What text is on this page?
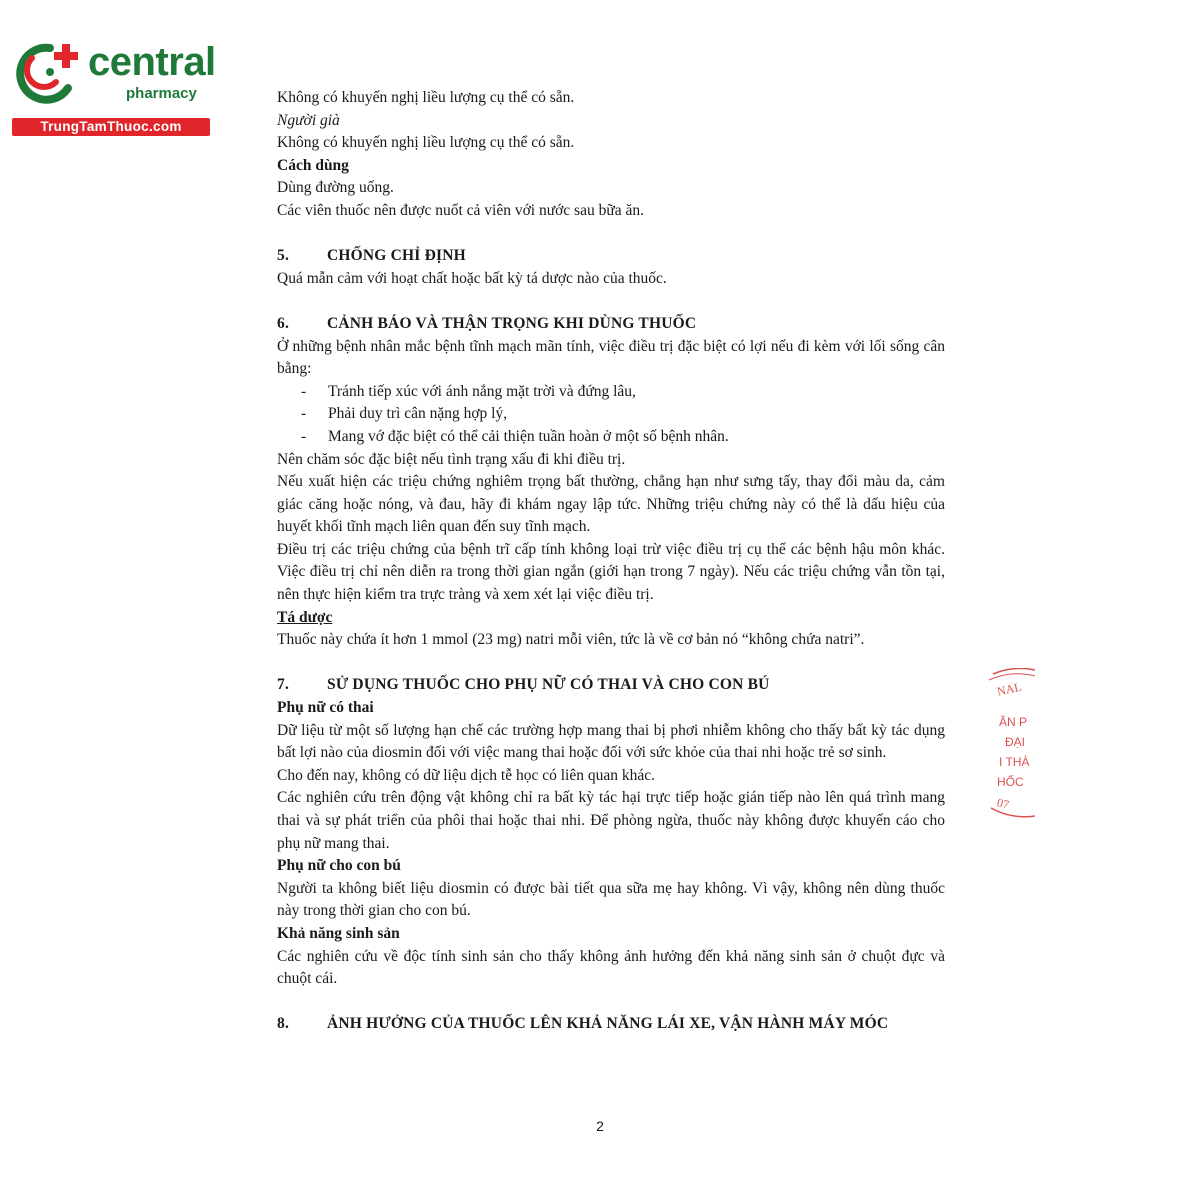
central
pharmacy
TrungTamThuoc.com

Không có khuyến nghị liều lượng cụ thể có sẵn.

Người già

Không có khuyến nghị liều lượng cụ thể có sẵn.

Cách dùng

Dùng đường uống.

Các viên thuốc nên được nuốt cả viên với nước sau bữa ăn.

5. CHỐNG CHỈ ĐỊNH

Quá mẫn cảm với hoạt chất hoặc bất kỳ tá dược nào của thuốc.

6. CẢNH BÁO VÀ THẬN TRỌNG KHI DÙNG THUỐC

Ở những bệnh nhân mắc bệnh tĩnh mạch mãn tính, việc điều trị đặc biệt có lợi nếu đi kèm với lối sống cân bằng:

- Tránh tiếp xúc với ánh nắng mặt trời và đứng lâu,

- Phải duy trì cân nặng hợp lý,

- Mang vớ đặc biệt có thể cải thiện tuần hoàn ở một số bệnh nhân.

Nên chăm sóc đặc biệt nếu tình trạng xấu đi khi điều trị.

Nếu xuất hiện các triệu chứng nghiêm trọng bất thường, chẳng hạn như sưng tấy, thay đổi màu da, cảm giác căng hoặc nóng, và đau, hãy đi khám ngay lập tức. Những triệu chứng này có thể là dấu hiệu của huyết khối tĩnh mạch liên quan đến suy tĩnh mạch.

Điều trị các triệu chứng của bệnh trĩ cấp tính không loại trừ việc điều trị cụ thể các bệnh hậu môn khác. Việc điều trị chỉ nên diễn ra trong thời gian ngắn (giới hạn trong 7 ngày). Nếu các triệu chứng vẫn tồn tại, nên thực hiện kiểm tra trực tràng và xem xét lại việc điều trị.

Tá dược

Thuốc này chứa ít hơn 1 mmol (23 mg) natri mỗi viên, tức là về cơ bản nó “không chứa natri”.

7. SỬ DỤNG THUỐC CHO PHỤ NỮ CÓ THAI VÀ CHO CON BÚ

Phụ nữ có thai

Dữ liệu từ một số lượng hạn chế các trường hợp mang thai bị phơi nhiễm không cho thấy bất kỳ tác dụng bất lợi nào của diosmin đối với việc mang thai hoặc đối với sức khỏe của thai nhi hoặc trẻ sơ sinh.

Cho đến nay, không có dữ liệu dịch tễ học có liên quan khác.

Các nghiên cứu trên động vật không chỉ ra bất kỳ tác hại trực tiếp hoặc gián tiếp nào lên quá trình mang thai và sự phát triển của phôi thai hoặc thai nhi. Để phòng ngừa, thuốc này không được khuyến cáo cho phụ nữ mang thai.

Phụ nữ cho con bú

Người ta không biết liệu diosmin có được bài tiết qua sữa mẹ hay không. Vì vậy, không nên dùng thuốc này trong thời gian cho con bú.

Khả năng sinh sản

Các nghiên cứu về độc tính sinh sản cho thấy không ảnh hưởng đến khả năng sinh sản ở chuột đực và chuột cái.

8. ẢNH HƯỞNG CỦA THUỐC LÊN KHẢ NĂNG LÁI XE, VẬN HÀNH MÁY MÓC

NAL
ĂN P
ĐẠI
I THÀ
HỐC
07
2
